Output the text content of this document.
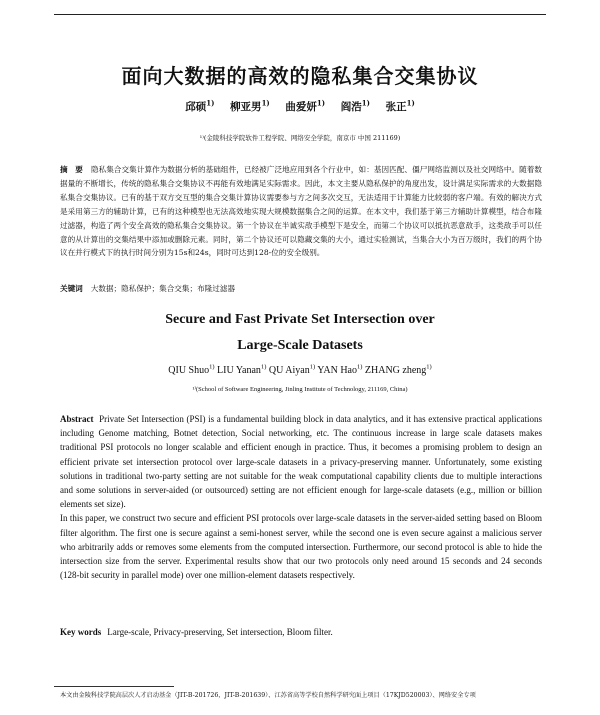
面向大数据的高效的隐私集合交集协议
邱硕$^{1)}$ 柳亚男$^{1)}$ 曲爱妍$^{1)}$ 阎浩$^{1)}$ 张正$^{1)}$
¹⁾(金陵科技学院软件工程学院、网络安全学院，南京市 中国 211169)
摘　要 隐私集合交集计算作为数据分析的基础组件，已经被广泛地应用到各个行业中，如：基因匹配、僵尸网络监测以及社交网络中。随着数据量的不断增长，传统的隐私集合交集协议不再能有效地满足实际需求。因此，本文主要从隐私保护的角度出发，设计满足实际需求的大数据隐私集合交集协议。已有的基于双方交互型的集合交集计算协议需要参与方之间多次交互，无法适用于计算能力比较弱的客户端。有效的解决方式是采用第三方的辅助计算，已有的这种模型也无法高效地实现大规模数据集合之间的运算。在本文中，我们基于第三方辅助计算模型，结合布隆过滤器，构造了两个安全高效的隐私集合交集协议。第一个协议在半诚实敌手模型下是安全，而第二个协议可以抵抗恶意敌手，这类敌手可以任意的从计算出的交集结果中添加或删除元素。同时，第二个协议还可以隐藏交集的大小，通过实验测试，当集合大小为百万级时，我们的两个协议在并行模式下的执行时间分别为15s和24s，同时可达到128-位的安全级别。
关键词 大数据；隐私保护；集合交集；布隆过滤器
Secure and Fast Private Set Intersection over
Large-Scale Datasets
QIU Shuo$^{1)}$ LIU Yanan$^{1)}$ QU Aiyan$^{1)}$ YAN Hao$^{1)}$ ZHANG zheng$^{1)}$
¹⁾(School of Software Engineering, Jinling Institute of Technology, 211169, China)

Abstract Private Set Intersection (PSI) is a fundamental building block in data analytics, and it has extensive practical applications including Genome matching, Botnet detection, Social networking, etc. The continuous increase in large scale datasets makes traditional PSI protocols no longer scalable and efficient enough in practice. Thus, it becomes a promising problem to design an efficient private set intersection protocol over large-scale datasets in a privacy-preserving manner. Unfortunately, some existing solutions in traditional two-party setting are not suitable for the weak computational capability clients due to multiple interactions and some solutions in server-aided (or outsourced) setting are not efficient enough for large-scale datasets (e.g., million or billion elements set size).

In this paper, we construct two secure and efficient PSI protocols over large-scale datasets in the server-aided setting based on Bloom filter algorithm. The first one is secure against a semi-honest server, while the second one is even secure against a malicious server who arbitrarily adds or removes some elements from the computed intersection. Furthermore, our second protocol is able to hide the intersection size from the server. Experimental results show that our two protocols only need around 15 seconds and 24 seconds (128-bit security in parallel mode) over one million-element datasets respectively.

Key words Large-scale, Privacy-preserving, Set intersection, Bloom filter.
本文由金陵科技学院高层次人才启动基金（JIT-B-201726，JIT-B-201639）、江苏省高等学校自然科学研究面上项目（17KJD520003）、网络安全专项
